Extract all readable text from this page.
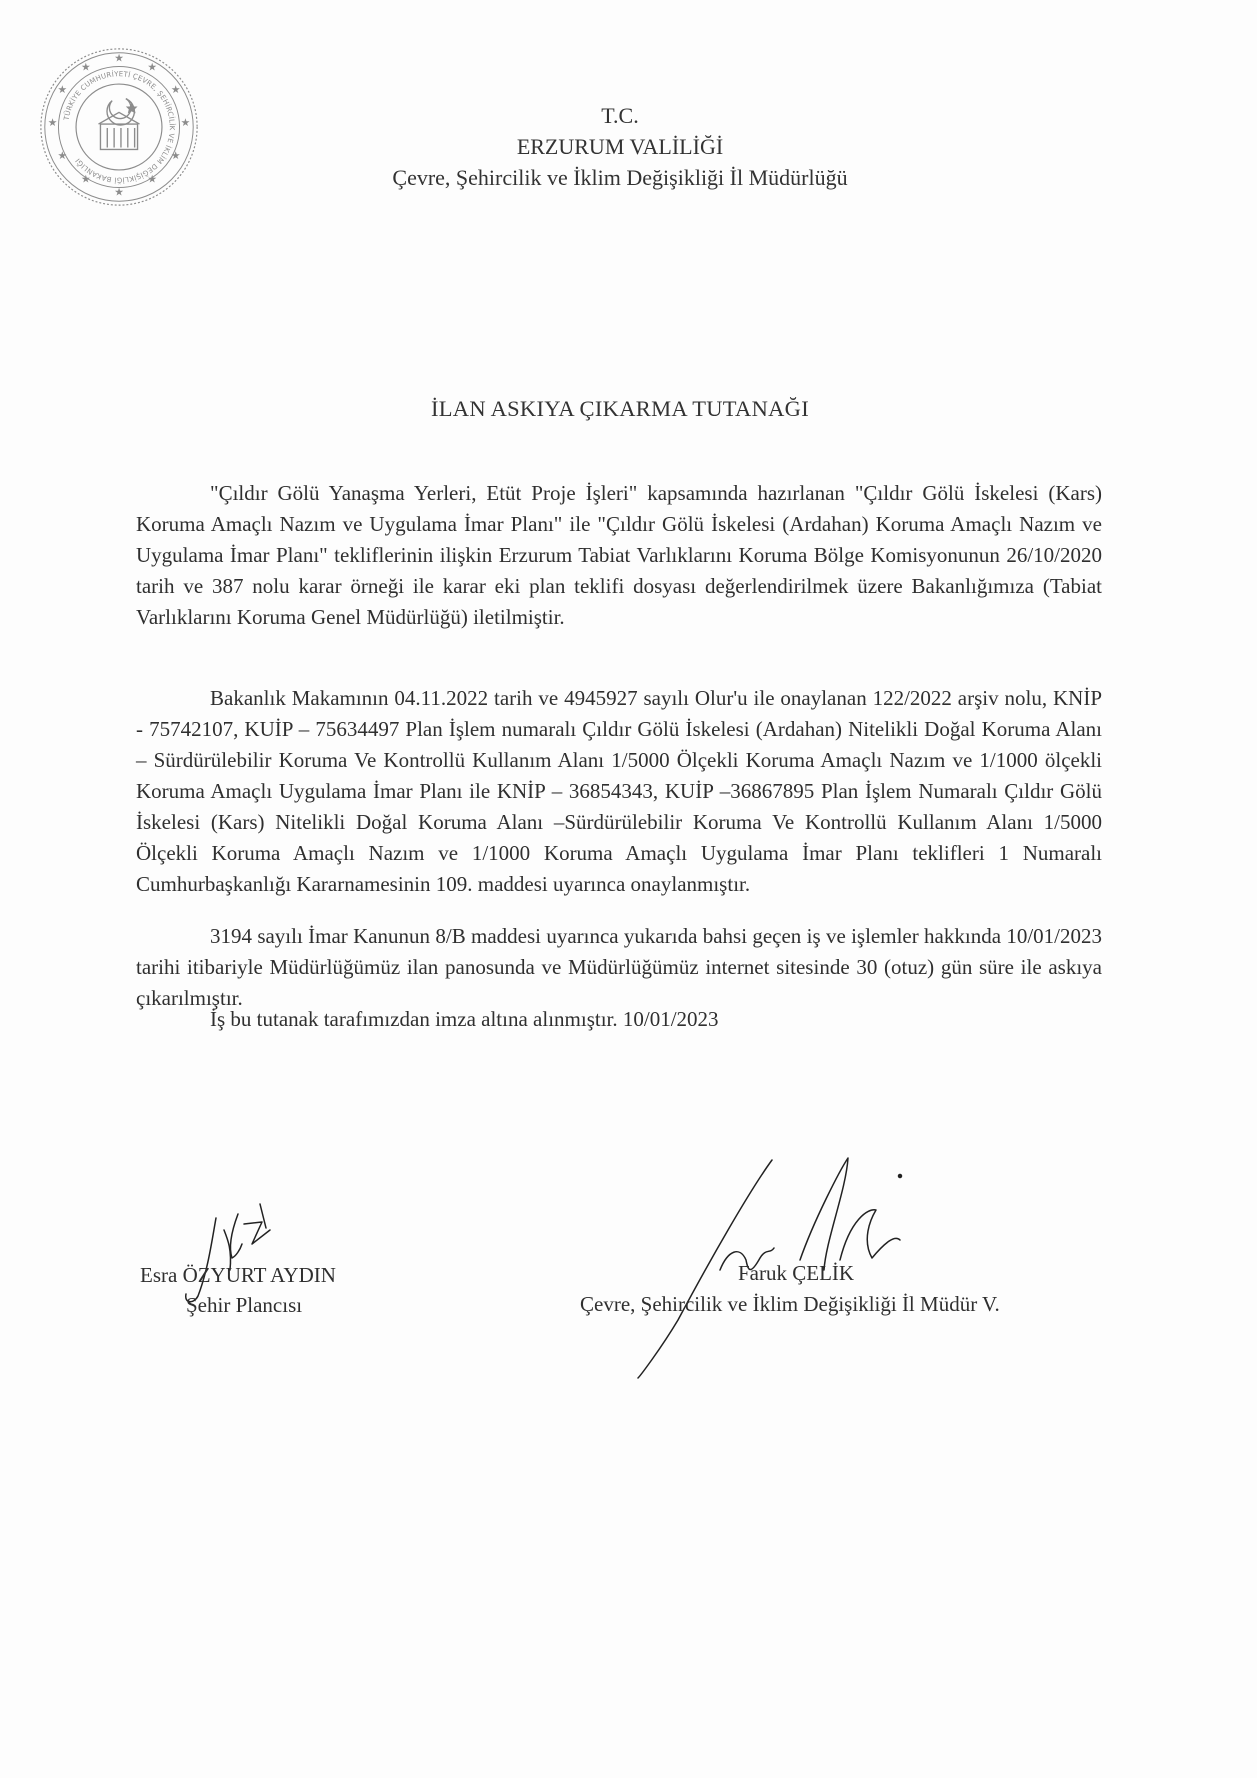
★
★
★
★
★
★
★
★
★
★
★
★
TÜRKİYE CUMHURİYETİ ÇEVRE, ŞEHİRCİLİK VE İKLİM DEĞİŞİKLİĞİ BAKANLIĞI
T.C.
ERZURUM VALİLİĞİ
Çevre, Şehircilik ve İklim Değişikliği İl Müdürlüğü
İLAN ASKIYA ÇIKARMA TUTANAĞI

"Çıldır Gölü Yanaşma Yerleri, Etüt Proje İşleri" kapsamında hazırlanan "Çıldır Gölü İskelesi (Kars) Koruma Amaçlı Nazım ve Uygulama İmar Planı" ile "Çıldır Gölü İskelesi (Ardahan) Koruma Amaçlı Nazım ve Uygulama İmar Planı" tekliflerinin ilişkin Erzurum Tabiat Varlıklarını Koruma Bölge Komisyonunun 26/10/2020 tarih ve 387 nolu karar örneği ile karar eki plan teklifi dosyası değerlendirilmek üzere Bakanlığımıza (Tabiat Varlıklarını Koruma Genel Müdürlüğü) iletilmiştir.

Bakanlık Makamının 04.11.2022 tarih ve 4945927 sayılı Olur'u ile onaylanan 122/2022 arşiv nolu, KNİP - 75742107, KUİP – 75634497 Plan İşlem numaralı Çıldır Gölü İskelesi (Ardahan) Nitelikli Doğal Koruma Alanı – Sürdürülebilir Koruma Ve Kontrollü Kullanım Alanı 1/5000 Ölçekli Koruma Amaçlı Nazım ve 1/1000 ölçekli Koruma Amaçlı Uygulama İmar Planı ile KNİP – 36854343, KUİP –36867895 Plan İşlem Numaralı Çıldır Gölü İskelesi (Kars) Nitelikli Doğal Koruma Alanı –Sürdürülebilir Koruma Ve Kontrollü Kullanım Alanı 1/5000 Ölçekli Koruma Amaçlı Nazım ve 1/1000 Koruma Amaçlı Uygulama İmar Planı teklifleri 1 Numaralı Cumhurbaşkanlığı Kararnamesinin 109. maddesi uyarınca onaylanmıştır.

3194 sayılı İmar Kanunun 8/B maddesi uyarınca yukarıda bahsi geçen iş ve işlemler hakkında 10/01/2023 tarihi itibariyle Müdürlüğümüz ilan panosunda ve Müdürlüğümüz internet sitesinde 30 (otuz) gün süre ile askıya çıkarılmıştır.

İş bu tutanak tarafımızdan imza altına alınmıştır. 10/01/2023

Esra ÖZYURT AYDIN
Şehir Plancısı
Faruk ÇELİK
Çevre, Şehircilik ve İklim Değişikliği İl Müdür V.
